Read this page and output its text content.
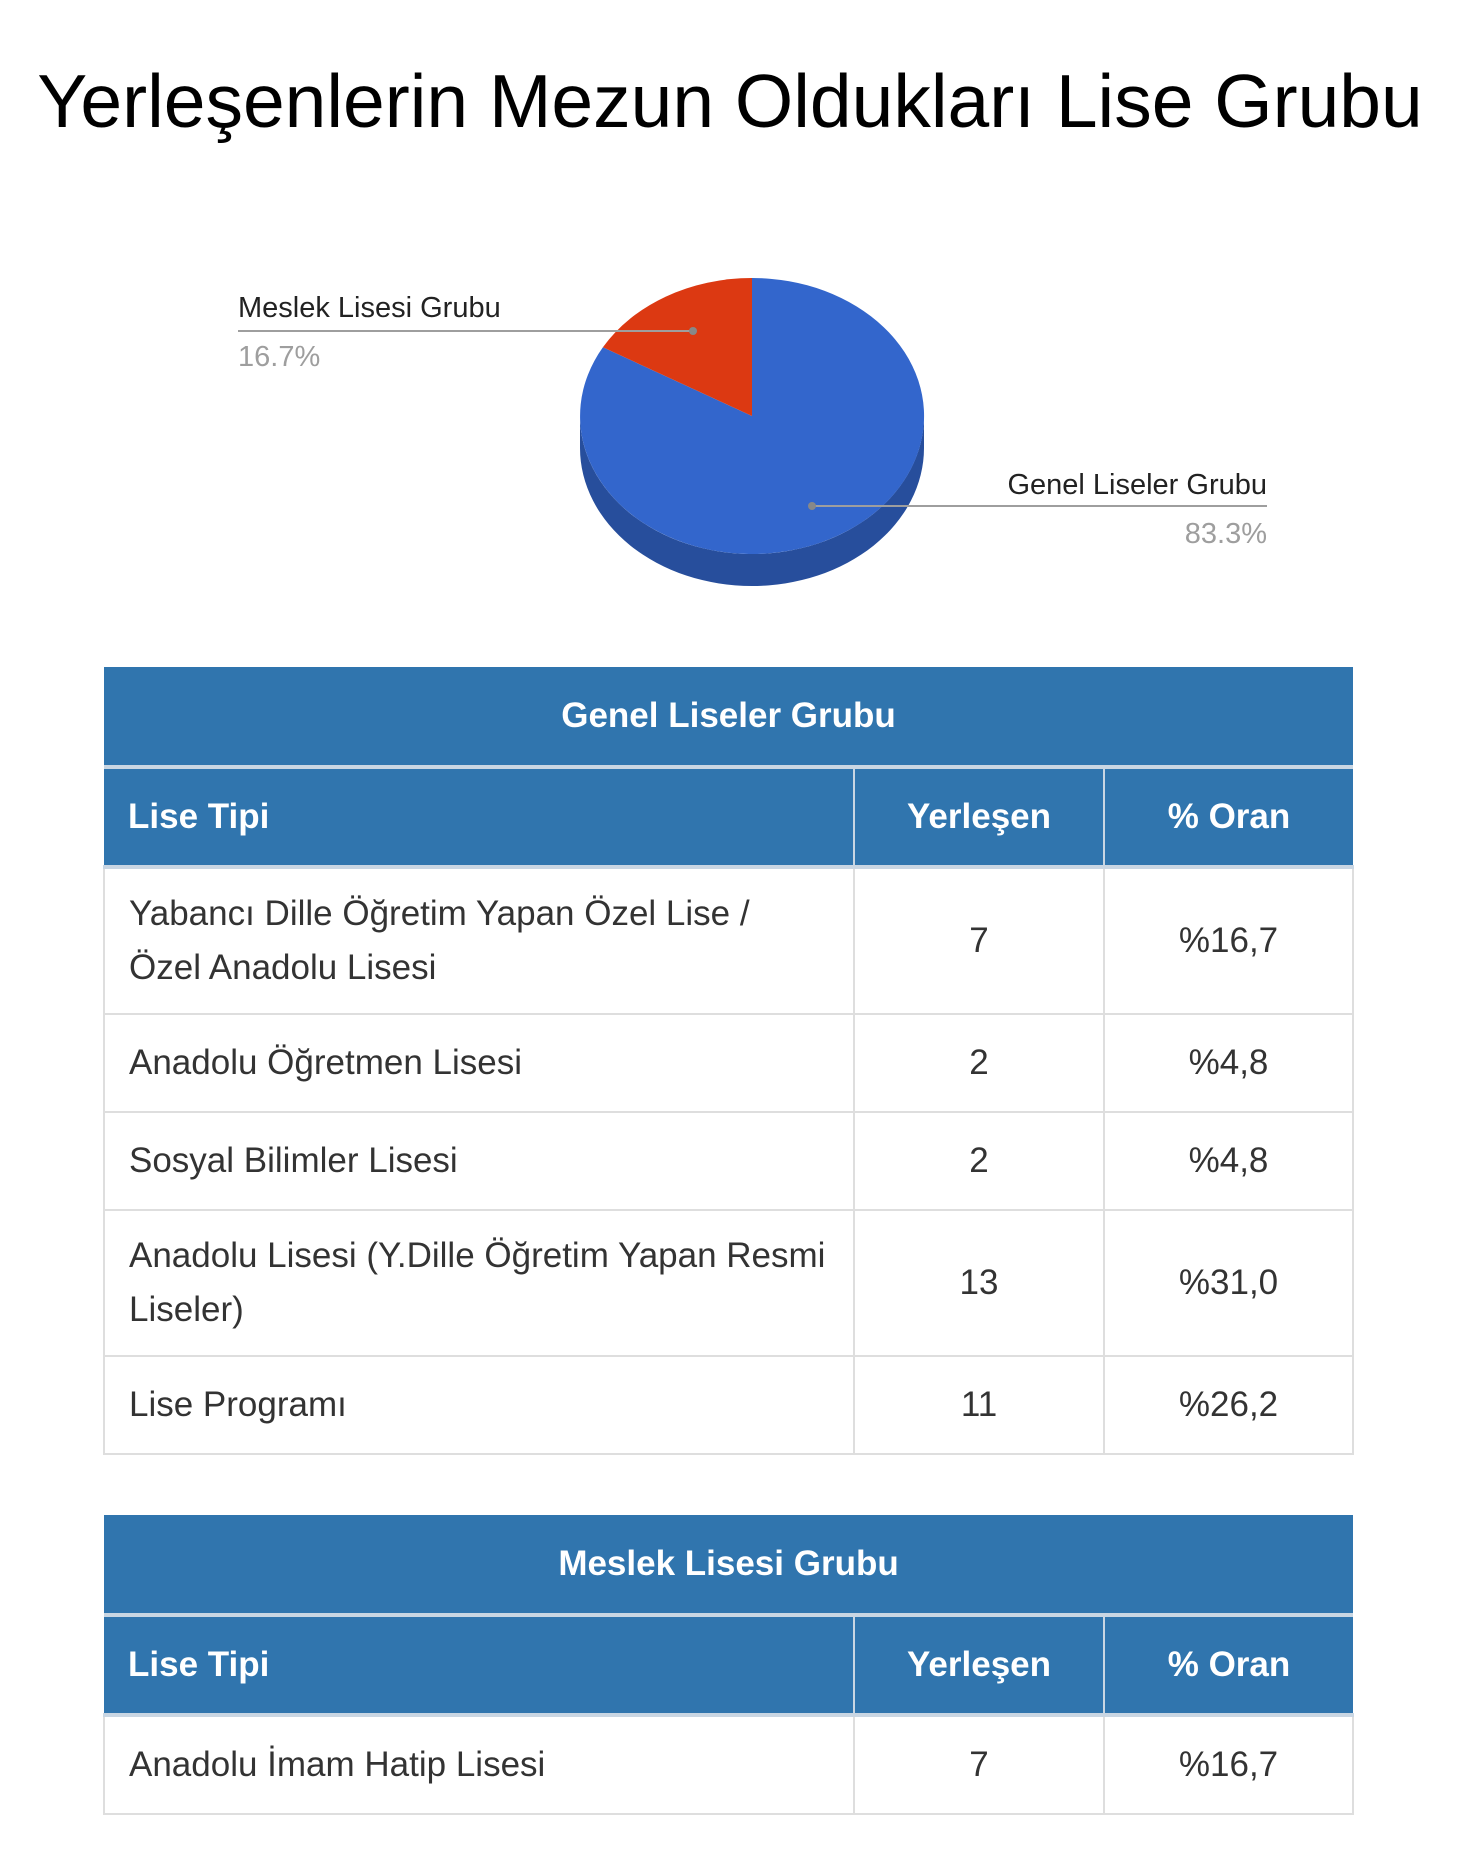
Yerleşenlerin Mezun Oldukları Lise Grubu
Meslek Lisesi Grubu
16.7%
Genel Liseler Grubu
83.3%
Genel Liseler Grubu		
Lise Tipi	Yerleşen	% Oran
Yabancı Dille Öğretim Yapan Özel Lise / Özel Anadolu Lisesi	7	%16,7
Anadolu Öğretmen Lisesi	2	%4,8
Sosyal Bilimler Lisesi	2	%4,8
Anadolu Lisesi (Y.Dille Öğretim Yapan Resmi Liseler)	13	%31,0
Lise Programı	11	%26,2
Meslek Lisesi Grubu		
Lise Tipi	Yerleşen	% Oran
Anadolu İmam Hatip Lisesi	7	%16,7
